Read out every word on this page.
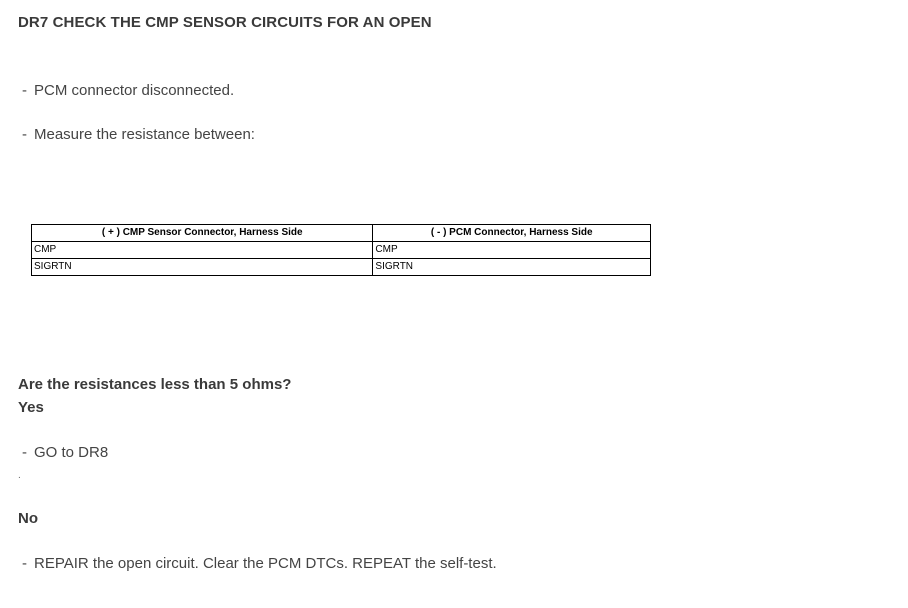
DR7 CHECK THE CMP SENSOR CIRCUITS FOR AN OPEN
- PCM connector disconnected.
- Measure the resistance between:
( + ) CMP Sensor Connector, Harness Side	( - ) PCM Connector, Harness Side
CMP	CMP
SIGRTN	SIGRTN
Are the resistances less than 5 ohms?
Yes
- GO to DR8
.
No
- REPAIR the open circuit. Clear the PCM DTCs. REPEAT the self-test.
